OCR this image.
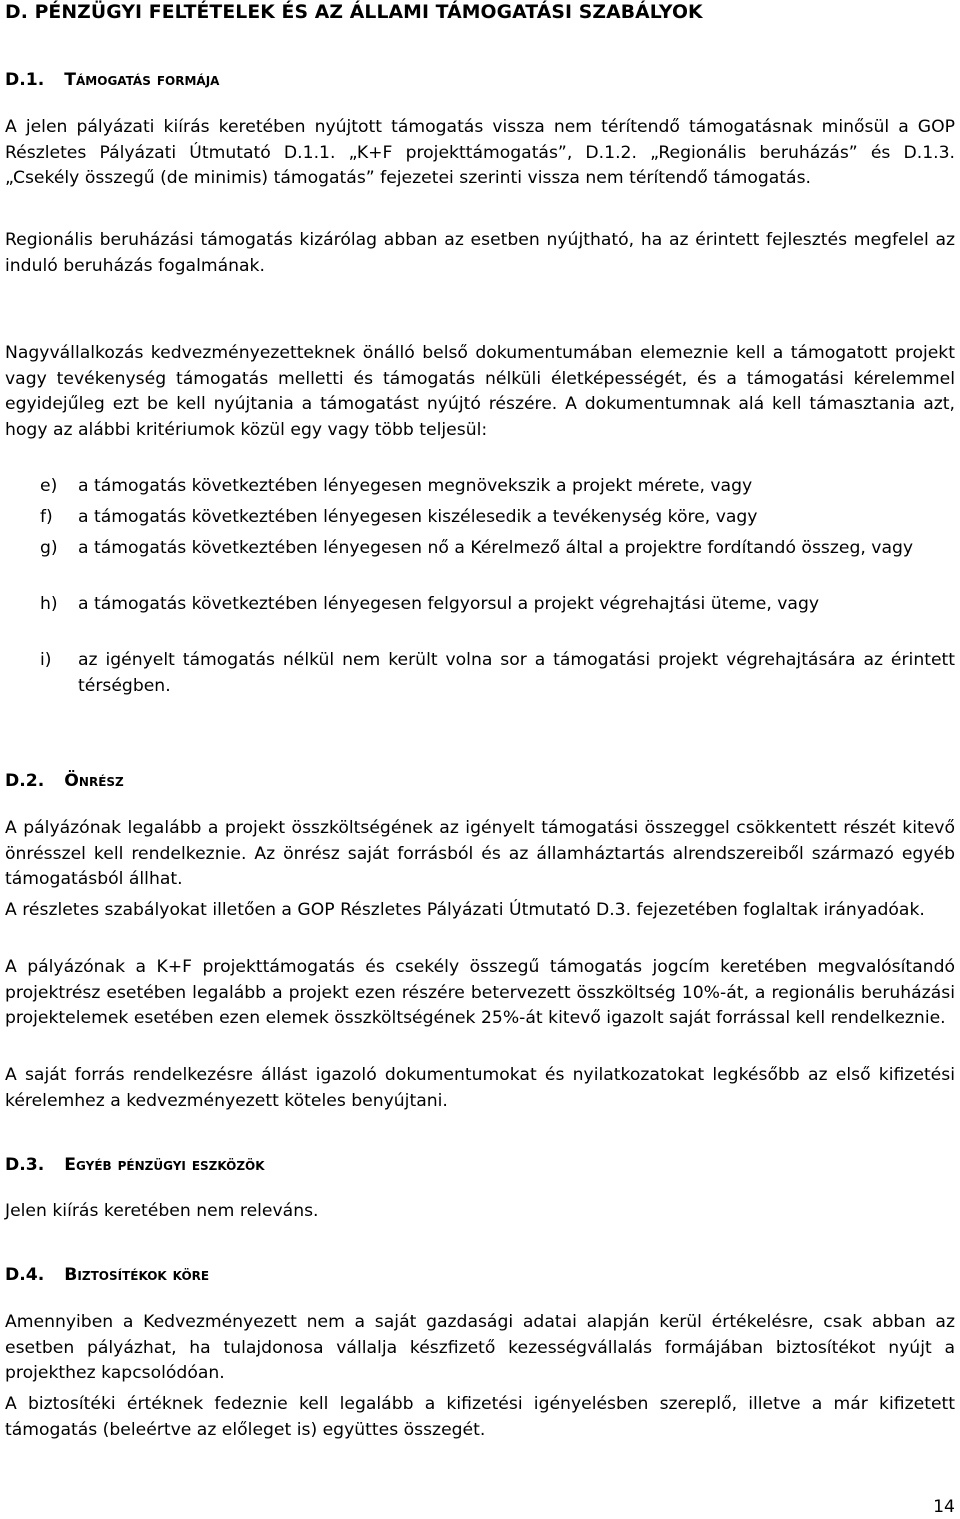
D. PÉNZÜGYI FELTÉTELEK ÉS AZ ÁLLAMI TÁMOGATÁSI SZABÁLYOK
D.1. Támogatás formája

A jelen pályázati kiírás keretében nyújtott támogatás vissza nem térítendő támogatásnak minősül a GOP Részletes Pályázati Útmutató D.1.1. „K+F projekttámogatás”, D.1.2. „Regionális beruházás” és D.1.3. „Csekély összegű (de minimis) támogatás” fejezetei szerinti vissza nem térítendő támogatás.

Regionális beruházási támogatás kizárólag abban az esetben nyújtható, ha az érintett fejlesztés megfelel az induló beruházás fogalmának.

Nagyvállalkozás kedvezményezetteknek önálló belső dokumentumában elemeznie kell a támogatott projekt vagy tevékenység támogatás melletti és támogatás nélküli életképességét, és a támogatási kérelemmel egyidejűleg ezt be kell nyújtania a támogatást nyújtó részére. A dokumentumnak alá kell támasztania azt, hogy az alábbi kritériumok közül egy vagy több teljesül:

e)	a támogatás következtében lényegesen megnövekszik a projekt mérete, vagy
f)	a támogatás következtében lényegesen kiszélesedik a tevékenység köre, vagy
g)	a támogatás következtében lényegesen nő a Kérelmező által a projektre fordítandó összeg, vagy
h)	a támogatás következtében lényegesen felgyorsul a projekt végrehajtási üteme, vagy
i)	az igényelt támogatás nélkül nem került volna sor a támogatási projekt végrehajtására az érintett térségben.
D.2. Önrész

A pályázónak legalább a projekt összköltségének az igényelt támogatási összeggel csökkentett részét kitevő önrésszel kell rendelkeznie. Az önrész saját forrásból és az államháztartás alrendszereiből származó egyéb támogatásból állhat.

A részletes szabályokat illetően a GOP Részletes Pályázati Útmutató D.3. fejezetében foglaltak irányadóak.

A pályázónak a K+F projekttámogatás és csekély összegű támogatás jogcím keretében megvalósítandó projektrész esetében legalább a projekt ezen részére betervezett összköltség 10%-át, a regionális beruházási projektelemek esetében ezen elemek összköltségének 25%-át kitevő igazolt saját forrással kell rendelkeznie.

A saját forrás rendelkezésre állást igazoló dokumentumokat és nyilatkozatokat legkésőbb az első kifizetési kérelemhez a kedvezményezett köteles benyújtani.

D.3. Egyéb pénzügyi eszközök

Jelen kiírás keretében nem releváns.

D.4. Biztosítékok köre

Amennyiben a Kedvezményezett nem a saját gazdasági adatai alapján kerül értékelésre, csak abban az esetben pályázhat, ha tulajdonosa vállalja készfizető kezességvállalás formájában biztosítékot nyújt a projekthez kapcsolódóan.

A biztosítéki értéknek fedeznie kell legalább a kifizetési igényelésben szereplő, illetve a már kifizetett támogatás (beleértve az előleget is) együttes összegét.

14
